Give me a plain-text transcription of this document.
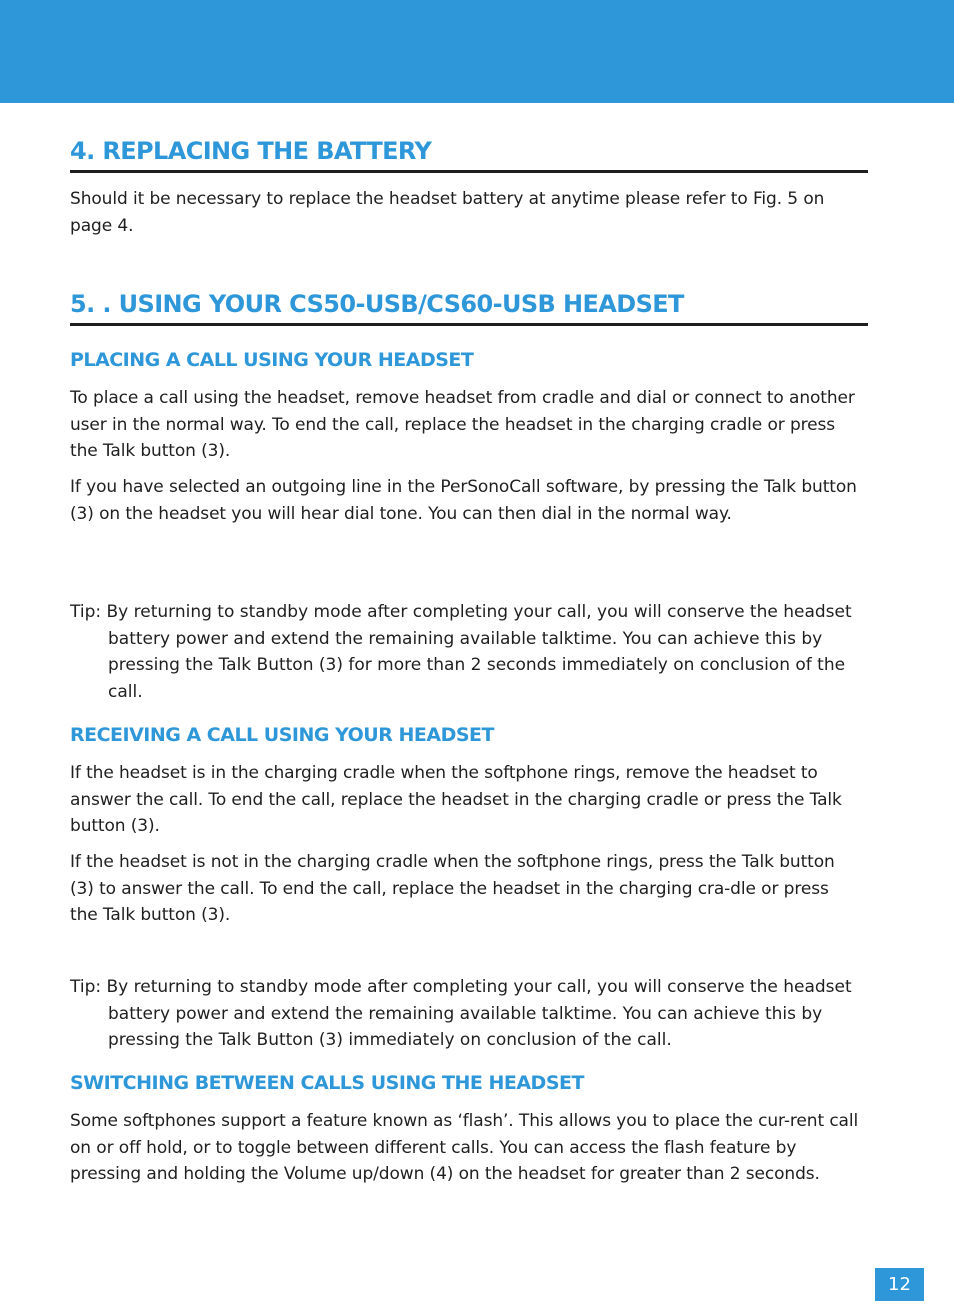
4. REPLACING THE BATTERY

Should it be necessary to replace the headset battery at anytime please refer to Fig. 5 on page 4.

5. . USING YOUR CS50-USB/CS60-USB HEADSET
PLACING A CALL USING YOUR HEADSET

To place a call using the headset, remove headset from cradle and dial or connect to another user in the normal way. To end the call, replace the headset in the charging cradle or press the Talk button (3).

If you have selected an outgoing line in the PerSonoCall software, by pressing the Talk button (3) on the headset you will hear dial tone. You can then dial in the normal way.

Tip: By returning to standby mode after completing your call, you will conserve the headset battery power and extend the remaining available talktime. You can achieve this by pressing the Talk Button (3) for more than 2 seconds immediately on conclusion of the call.

RECEIVING A CALL USING YOUR HEADSET

If the headset is in the charging cradle when the softphone rings, remove the headset to answer the call. To end the call, replace the headset in the charging cradle or press the Talk button (3).

If the headset is not in the charging cradle when the softphone rings, press the Talk button (3) to answer the call. To end the call, replace the headset in the charging cra-dle or press the Talk button (3).

Tip: By returning to standby mode after completing your call, you will conserve the headset battery power and extend the remaining available talktime. You can achieve this by pressing the Talk Button (3) immediately on conclusion of the call.

SWITCHING BETWEEN CALLS USING THE HEADSET

Some softphones support a feature known as ‘flash’. This allows you to place the cur-rent call on or off hold, or to toggle between different calls. You can access the flash feature by pressing and holding the Volume up/down (4) on the headset for greater than 2 seconds.

12
